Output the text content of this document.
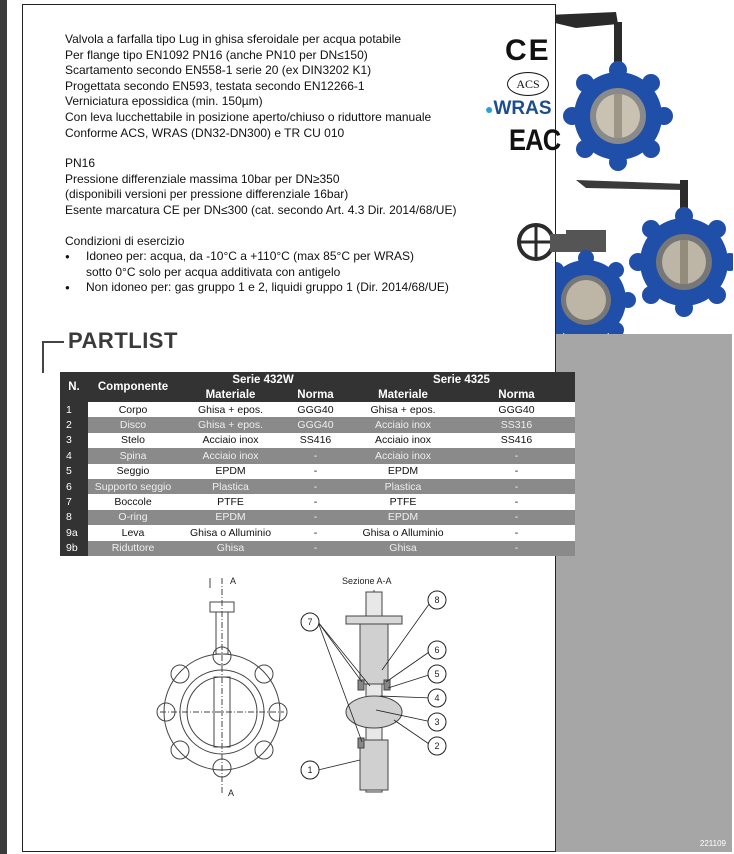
221109

Valvola a farfalla tipo Lug in ghisa sferoidale per acqua potabile

Per flange tipo EN1092 PN16 (anche PN10 per DN≤150)

Scartamento secondo EN558-1 serie 20 (ex DIN3202 K1)

Progettata secondo EN593, testata secondo EN12266-1

Verniciatura epossidica (min. 150µm)

Con leva lucchettabile in posizione aperto/chiuso o riduttore manuale

Conforme ACS, WRAS (DN32-DN300) e TR CU 010

PN16

Pressione differenziale massima 10bar per DN≥350

(disponibili versioni per pressione differenziale 16bar)

Esente marcatura CE per DN≤300 (cat. secondo Art. 4.3 Dir. 2014/68/UE)

Condizioni di esercizio

● Idoneo per: acqua, da -10°C a +110°C (max 85°C per WRAS)

sotto 0°C solo per acqua additivata con antigelo

● Non idoneo per: gas gruppo 1 e 2, liquidi gruppo 1 (Dir. 2014/68/UE)

CE
ACS
●WRAS
EAC
PARTLIST
N.	Componente	Serie 432W		Serie 4325	
		Materiale	Norma	Materiale	Norma
1	Corpo	Ghisa + epos.	GGG40	Ghisa + epos.	GGG40
2	Disco	Ghisa + epos.	GGG40	Acciaio inox	SS316
3	Stelo	Acciaio inox	SS416	Acciaio inox	SS416
4	Spina	Acciaio inox	-	Acciaio inox	-
5	Seggio	EPDM	-	EPDM	-
6	Supporto seggio	Plastica	-	Plastica	-
7	Boccole	PTFE	-	PTFE	-
8	O-ring	EPDM	-	EPDM	-
9a	Leva	Ghisa o Alluminio	-	Ghisa o Alluminio	-
9b	Riduttore	Ghisa	-	Ghisa	-
A
A
Sezione A-A
1
2
3
4
5
6
7
8
